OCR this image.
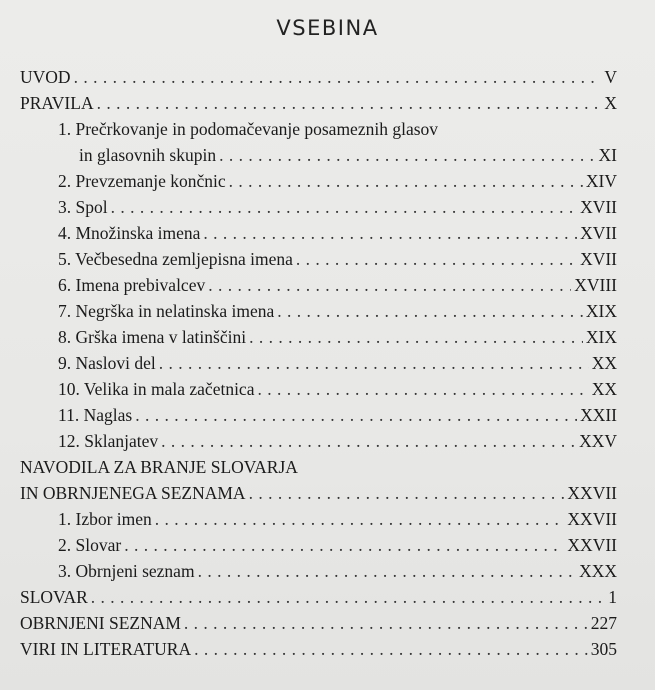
VSEBINA
UVOD . . .	V
PRAVILA . . .	X
1. Prečrkovanje in podomačevanje posameznih glasov
in glasovnih skupin . . .	XI
2. Prevzemanje končnic . . .	XIV
3. Spol . . .	XVII
4. Množinska imena . . .	XVII
5. Večbesedna zemljepisna imena . . .	XVII
6. Imena prebivalcev . . .	XVIII
7. Negrška in nelatinska imena . . .	XIX
8. Grška imena v latinščini . . .	XIX
9. Naslovi del . . .	XX
10. Velika in mala začetnica . . .	XX
11. Naglas . . .	XXII
12. Sklanjatev . . .	XXV
NAVODILA ZA BRANJE SLOVARJA
IN OBRNJENEGA SEZNAMA . . .	XXVII
1. Izbor imen . . .	XXVII
2. Slovar . . .	XXVII
3. Obrnjeni seznam . . .	XXX
SLOVAR . . .	1
OBRNJENI SEZNAM . . .	227
VIRI IN LITERATURA . . .	305
